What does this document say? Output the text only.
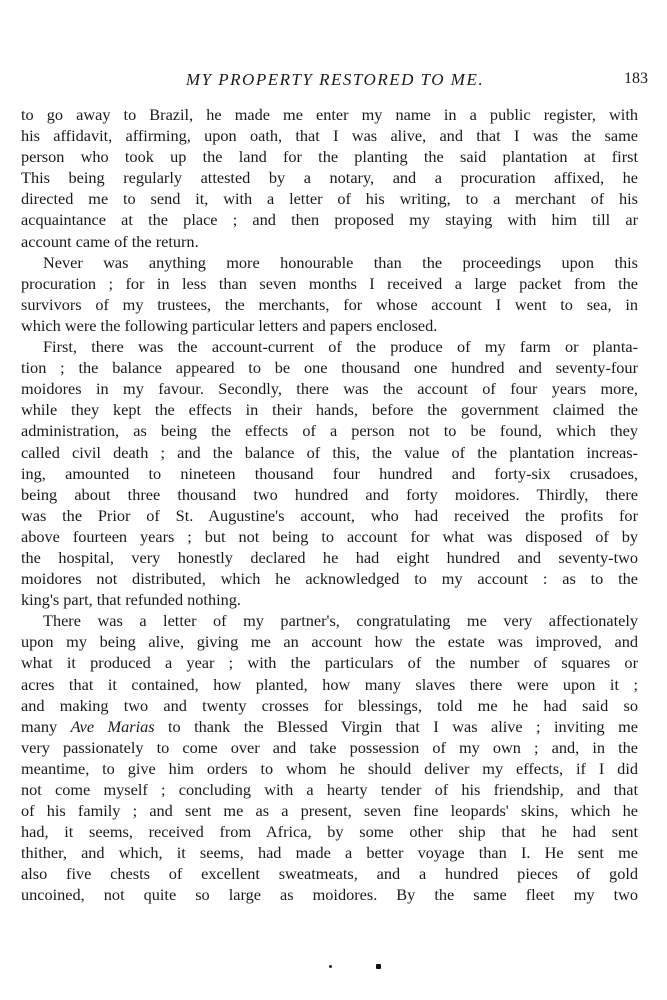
MY PROPERTY RESTORED TO ME.	183
to go away to Brazil, he made me enter my name in a public register, with
his affidavit, affirming, upon oath, that I was alive, and that I was the same
person who took up the land for the planting the said plantation at first
This being regularly attested by a notary, and a procuration affixed, he
directed me to send it, with a letter of his writing, to a merchant of his
acquaintance at the place ; and then proposed my staying with him till ar
account came of the return.
Never was anything more honourable than the proceedings upon this
procuration ; for in less than seven months I received a large packet from the
survivors of my trustees, the merchants, for whose account I went to sea, in
which were the following particular letters and papers enclosed.
First, there was the account-current of the produce of my farm or planta-
tion ; the balance appeared to be one thousand one hundred and seventy-four
moidores in my favour. Secondly, there was the account of four years more,
while they kept the effects in their hands, before the government claimed the
administration, as being the effects of a person not to be found, which they
called civil death ; and the balance of this, the value of the plantation increas-
ing, amounted to nineteen thousand four hundred and forty-six crusadoes,
being about three thousand two hundred and forty moidores. Thirdly, there
was the Prior of St. Augustine's account, who had received the profits for
above fourteen years ; but not being to account for what was disposed of by
the hospital, very honestly declared he had eight hundred and seventy-two
moidores not distributed, which he acknowledged to my account : as to the
king's part, that refunded nothing.
There was a letter of my partner's, congratulating me very affectionately
upon my being alive, giving me an account how the estate was improved, and
what it produced a year ; with the particulars of the number of squares or
acres that it contained, how planted, how many slaves there were upon it ;
and making two and twenty crosses for blessings, told me he had said so
many Ave Marias to thank the Blessed Virgin that I was alive ; inviting me
very passionately to come over and take possession of my own ; and, in the
meantime, to give him orders to whom he should deliver my effects, if I did
not come myself ; concluding with a hearty tender of his friendship, and that
of his family ; and sent me as a present, seven fine leopards' skins, which he
had, it seems, received from Africa, by some other ship that he had sent
thither, and which, it seems, had made a better voyage than I. He sent me
also five chests of excellent sweatmeats, and a hundred pieces of gold
uncoined, not quite so large as moidores. By the same fleet my two
